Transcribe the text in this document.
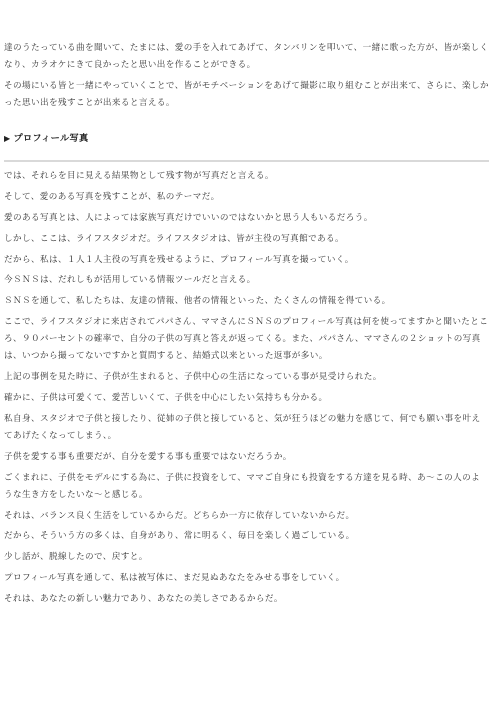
達のうたっている曲を聞いて、たまには、愛の手を入れてあげて、タンバリンを叩いて、一緒に歌った方が、皆が楽しくなり、カラオケにきて良かったと思い出を作ることができる。

その場にいる皆と一緒にやっていくことで、皆がモチベーションをあげて撮影に取り組むことが出来て、さらに、楽しかった思い出を残すことが出来ると言える。

▶ プロフィール写真

では、それらを目に見える結果物として残す物が写真だと言える。

そして、愛のある写真を残すことが、私のテーマだ。

愛のある写真とは、人によっては家族写真だけでいいのではないかと思う人もいるだろう。

しかし、ここは、ライフスタジオだ。ライフスタジオは、皆が主役の写真館である。

だから、私は、１人１人主役の写真を残せるように、プロフィール写真を撮っていく。

今ＳＮＳは、だれしもが活用している情報ツールだと言える。

ＳＮＳを通して、私したちは、友達の情報、他者の情報といった、たくさんの情報を得ている。

ここで、ライフスタジオに来店されてパパさん、ママさんにＳＮＳのプロフィール写真は何を使ってますかと聞いたところ、９０パーセントの確率で、自分の子供の写真と答えが返ってくる。また、パパさん、ママさんの２ショットの写真は、いつから撮ってないですかと質問すると、結婚式以来といった返事が多い。

上記の事例を見た時に、子供が生まれると、子供中心の生活になっている事が見受けられた。

確かに、子供は可愛くて、愛苦しいくて、子供を中心にしたい気持ちも分かる。

私自身、スタジオで子供と接したり、従姉の子供と接していると、気が狂うほどの魅力を感じて、何でも願い事を叶えてあげたくなってしまう、。

子供を愛する事も重要だが、自分を愛する事も重要ではないだろうか。

ごくまれに、子供をモデルにする為に、子供に投資をして、ママご自身にも投資をする方達を見る時、あ〜この人のような生き方をしたいな〜と感じる。

それは、バランス良く生活をしているからだ。どちらか一方に依存していないからだ。

だから、そういう方の多くは、自身があり、常に明るく、毎日を楽しく過ごしている。

少し話が、脱線したので、戻すと。

プロフィール写真を通して、私は被写体に、まだ見ぬあなたをみせる事をしていく。

それは、あなたの新しい魅力であり、あなたの美しさであるからだ。
